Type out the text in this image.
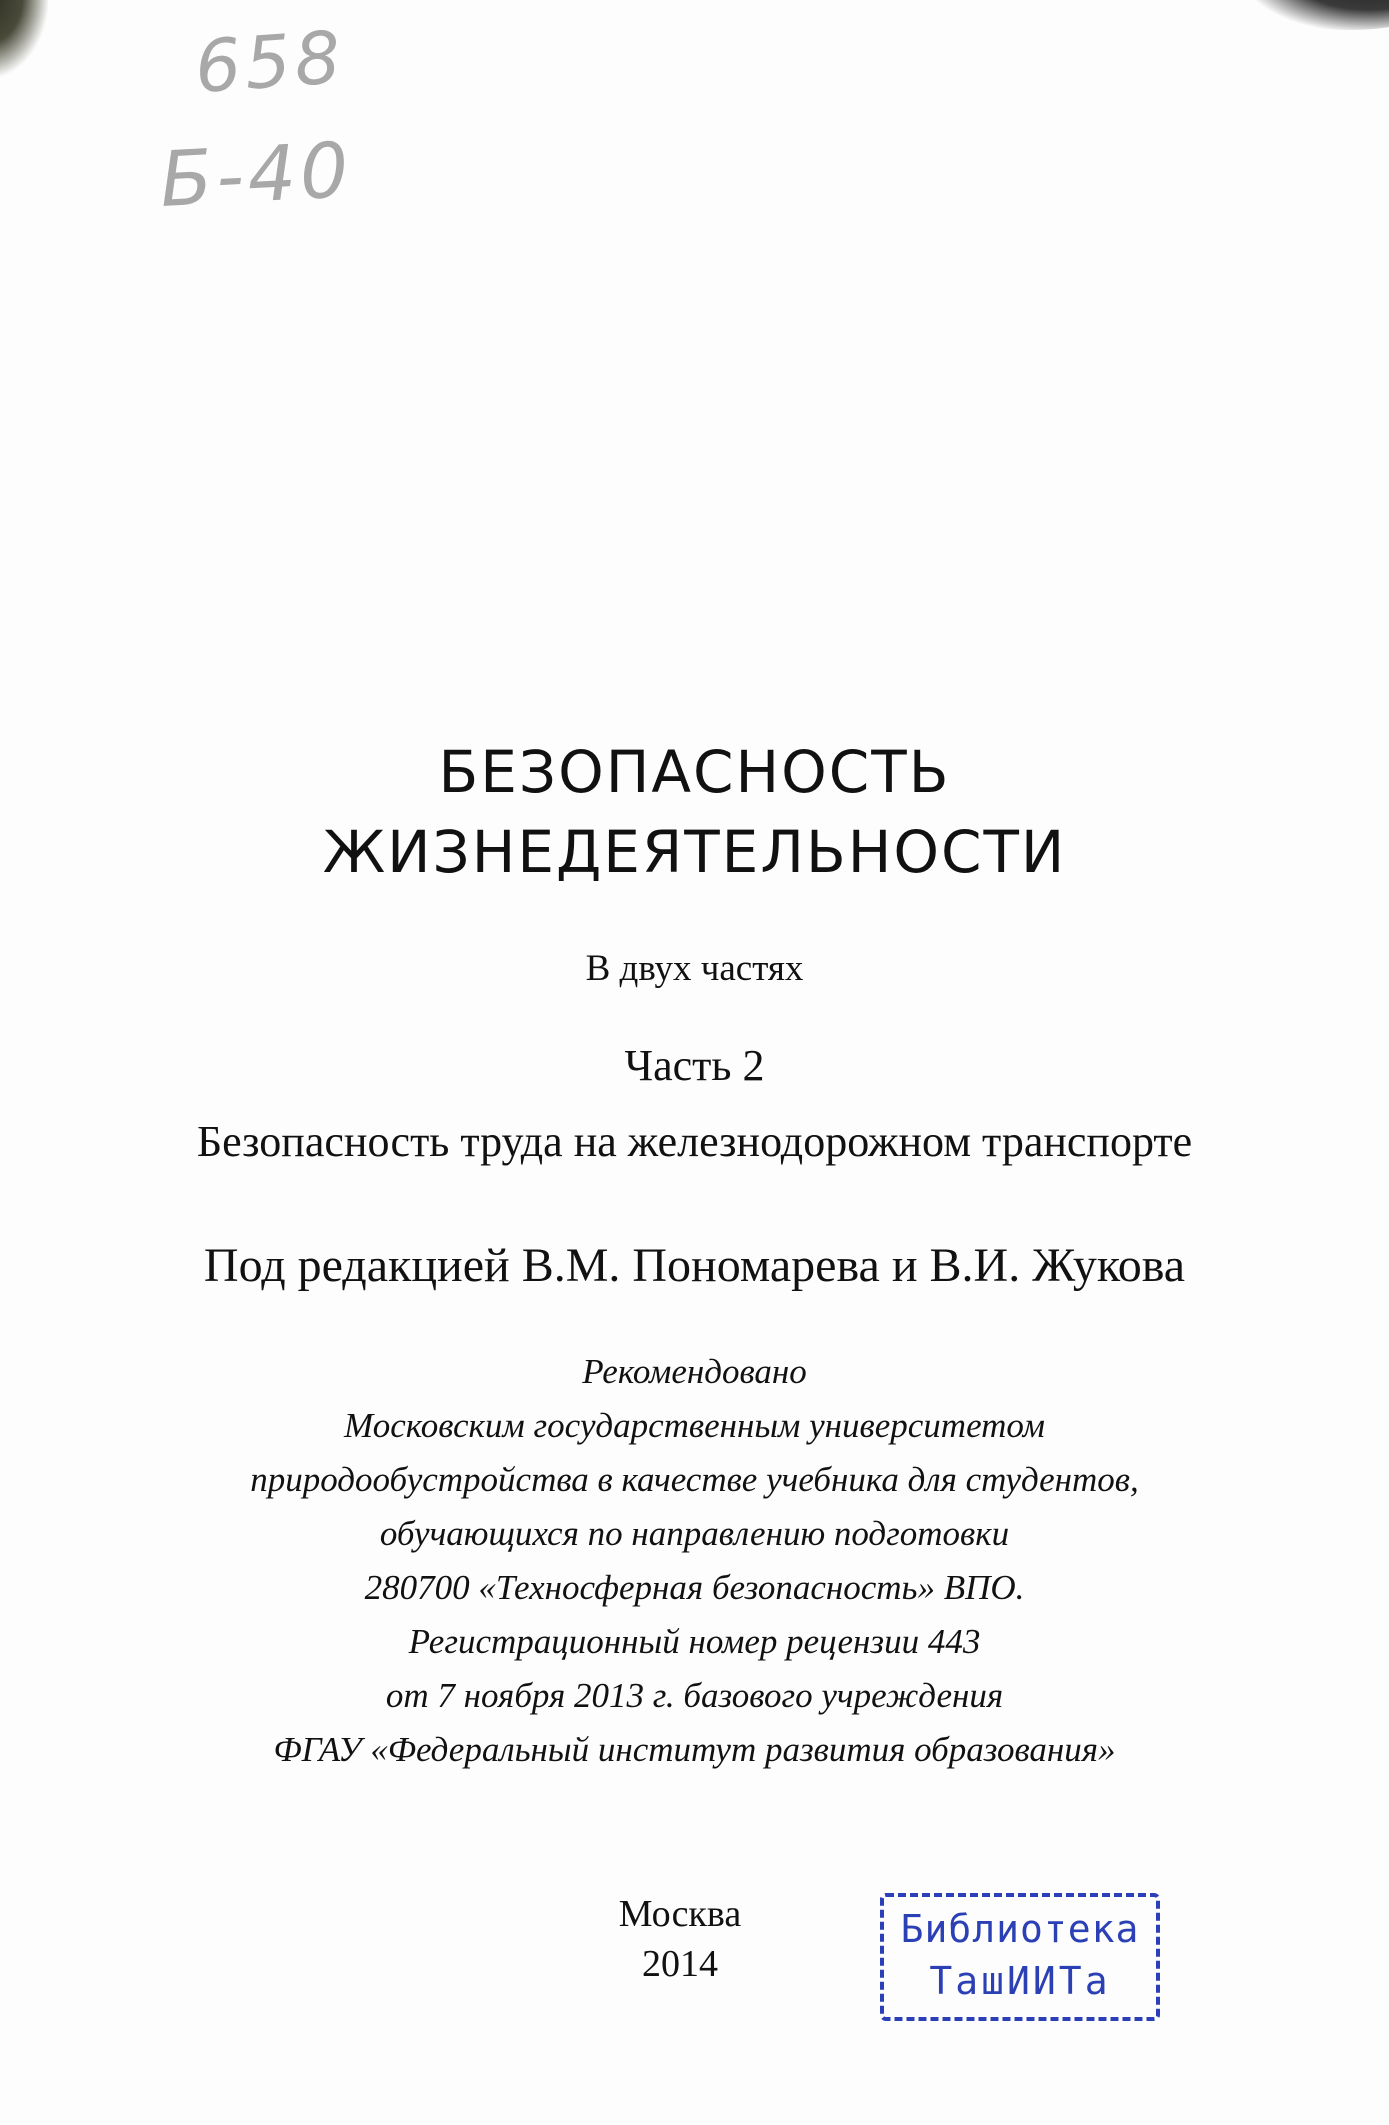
658
Б-40
БЕЗОПАСНОСТЬ
ЖИЗНЕДЕЯТЕЛЬНОСТИ

В двух частях

Часть 2

Безопасность труда на железнодорожном транспорте

Под редакцией В.М. Пономарева и В.И. Жукова

Рекомендовано
Московским государственным университетом
природообустройства в качестве учебника для студентов,
обучающихся по направлению подготовки
280700 «Техносферная безопасность» ВПО.
Регистрационный номер рецензии 443
от 7 ноября 2013 г. базового учреждения
ФГАУ «Федеральный институт развития образования»

Москва

2014

Библиотека
ТашИИТа
